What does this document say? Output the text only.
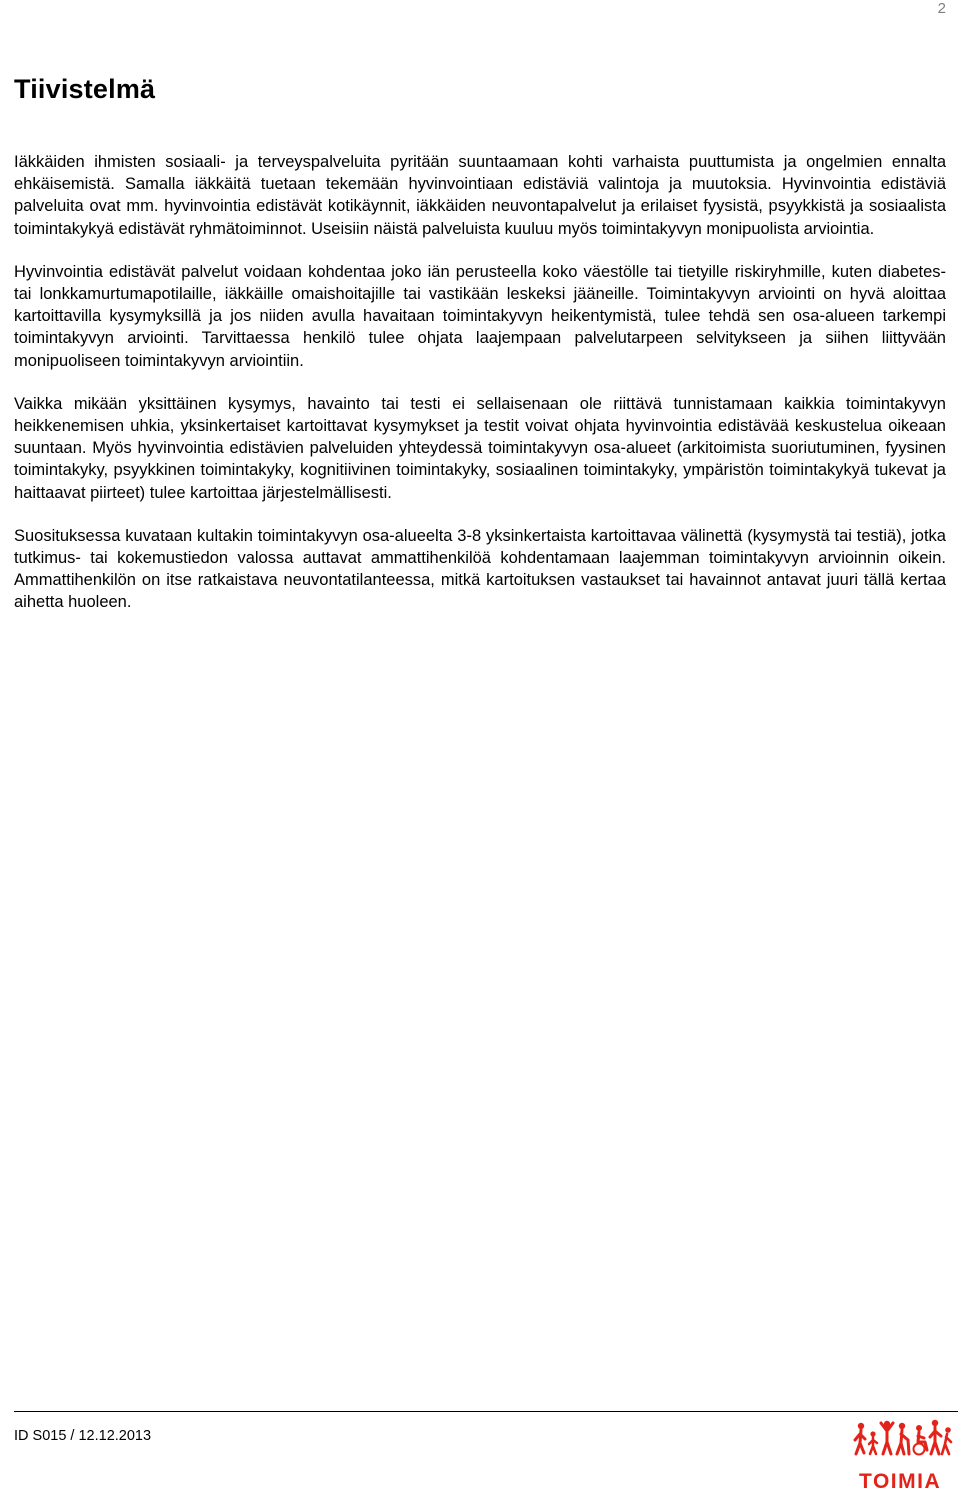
2
Tiivistelmä

Iäkkäiden ihmisten sosiaali- ja terveyspalveluita pyritään suuntaamaan kohti varhaista puuttumista ja ongelmien ennalta ehkäisemistä. Samalla iäkkäitä tuetaan tekemään hyvinvointiaan edistäviä valintoja ja muutoksia. Hyvinvointia edistäviä palveluita ovat mm. hyvinvointia edistävät kotikäynnit, iäkkäiden neuvontapalvelut ja erilaiset fyysistä, psyykkistä ja sosiaalista toimintakykyä edistävät ryhmätoiminnot. Useisiin näistä palveluista kuuluu myös toimintakyvyn monipuolista arviointia.

Hyvinvointia edistävät palvelut voidaan kohdentaa joko iän perusteella koko väestölle tai tietyille riskiryhmille, kuten diabetes- tai lonkkamurtumapotilaille, iäkkäille omaishoitajille tai vastikään leskeksi jääneille. Toimintakyvyn arviointi on hyvä aloittaa kartoittavilla kysymyksillä ja jos niiden avulla havaitaan toimintakyvyn heikentymistä, tulee tehdä sen osa-alueen tarkempi toimintakyvyn arviointi. Tarvittaessa henkilö tulee ohjata laajempaan palvelutarpeen selvitykseen ja siihen liittyvään monipuoliseen toimintakyvyn arviointiin.

Vaikka mikään yksittäinen kysymys, havainto tai testi ei sellaisenaan ole riittävä tunnistamaan kaikkia toimintakyvyn heikkenemisen uhkia, yksinkertaiset kartoittavat kysymykset ja testit voivat ohjata hyvinvointia edistävää keskustelua oikeaan suuntaan. Myös hyvinvointia edistävien palveluiden yhteydessä toimintakyvyn osa-alueet (arkitoimista suoriutuminen, fyysinen toimintakyky, psyykkinen toimintakyky, kognitiivinen toimintakyky, sosiaalinen toimintakyky, ympäristön toimintakykyä tukevat ja haittaavat piirteet) tulee kartoittaa järjestelmällisesti.

Suosituksessa kuvataan kultakin toimintakyvyn osa-alueelta 3-8 yksinkertaista kartoittavaa välinettä (kysymystä tai testiä), jotka tutkimus- tai kokemustiedon valossa auttavat ammattihenkilöä kohdentamaan laajemman toimintakyvyn arvioinnin oikein. Ammattihenkilön on itse ratkaistava neuvontatilanteessa, mitkä kartoituksen vastaukset tai havainnot antavat juuri tällä kertaa aihetta huoleen.

ID S015 / 12.12.2013
TOIMIA
